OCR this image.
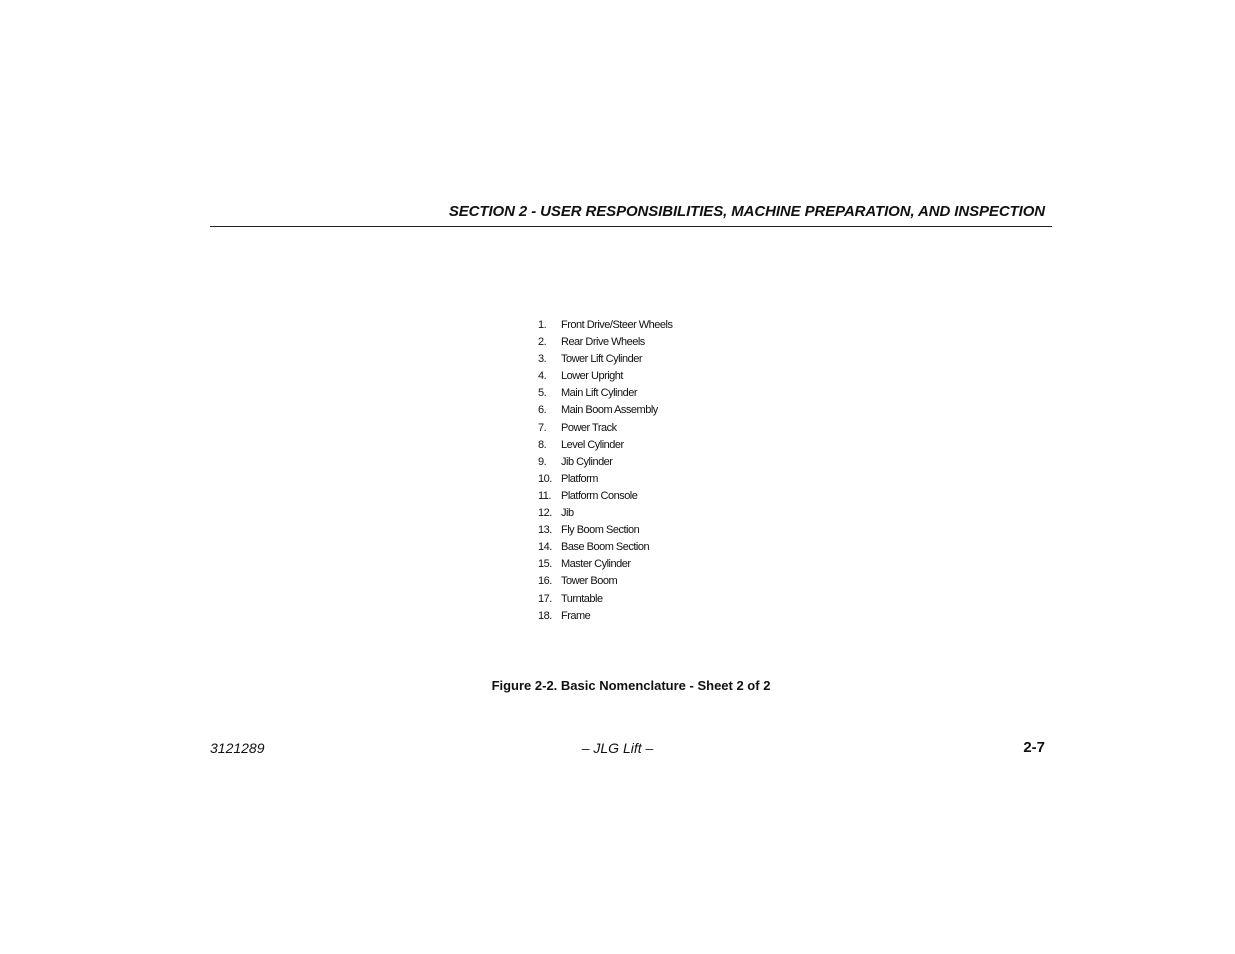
SECTION 2 - USER RESPONSIBILITIES, MACHINE PREPARATION, AND INSPECTION
1.	Front Drive/Steer Wheels
2.	Rear Drive Wheels
3.	Tower Lift Cylinder
4.	Lower Upright
5.	Main Lift Cylinder
6.	Main Boom Assembly
7.	Power Track
8.	Level Cylinder
9.	Jib Cylinder
10. Platform
11. Platform Console
12. Jib
13. Fly Boom Section
14. Base Boom Section
15. Master Cylinder
16. Tower Boom
17. Turntable
18. Frame
Figure 2-2. Basic Nomenclature - Sheet 2 of 2
3121289	– JLG Lift –	2-7
